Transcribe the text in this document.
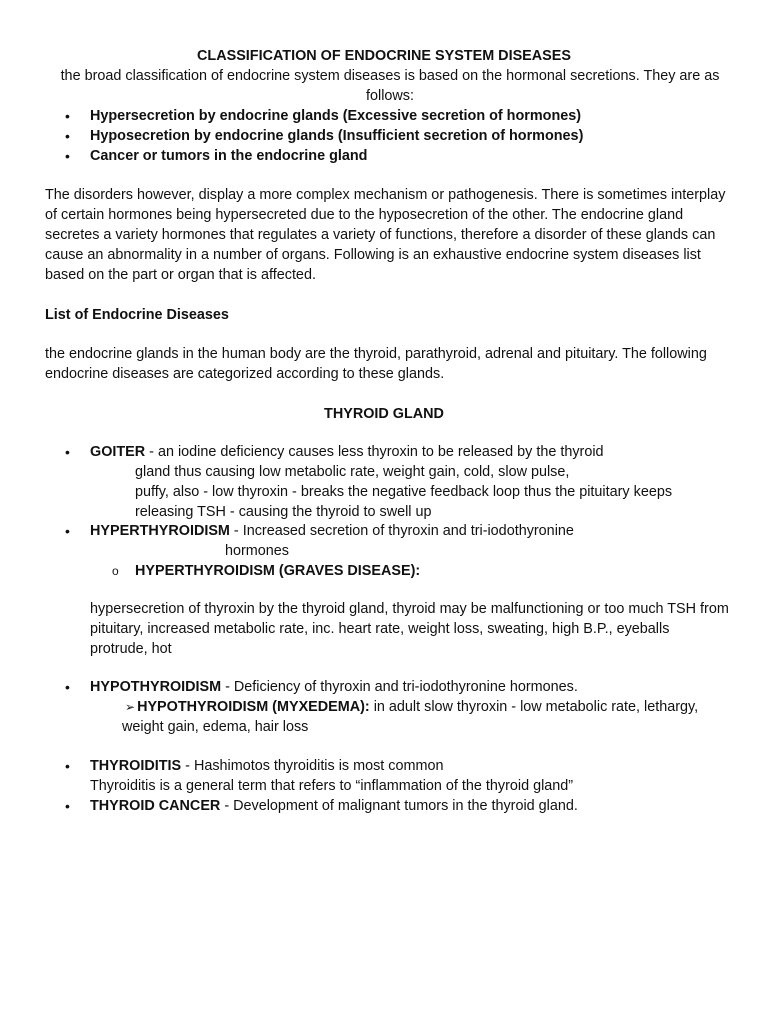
CLASSIFICATION OF ENDOCRINE SYSTEM DISEASES

the broad classification of endocrine system diseases is based on the hormonal secretions. They are as follows:

• Hypersecretion by endocrine glands (Excessive secretion of hormones)
• Hyposecretion by endocrine glands (Insufficient secretion of hormones)
• Cancer or tumors in the endocrine gland

The disorders however, display a more complex mechanism or pathogenesis. There is sometimes interplay of certain hormones being hypersecreted due to the hyposecretion of the other. The endocrine gland secretes a variety hormones that regulates a variety of functions, therefore a disorder of these glands can cause an abnormality in a number of organs. Following is an exhaustive endocrine system diseases list based on the part or organ that is affected.

List of Endocrine Diseases

the endocrine glands in the human body are the thyroid, parathyroid, adrenal and pituitary. The following endocrine diseases are categorized according to these glands.

THYROID GLAND
• GOITER - an iodine deficiency causes less thyroxin to be released by the thyroid
gland thus causing low metabolic rate, weight gain, cold, slow pulse,
puffy, also - low thyroxin - breaks the negative feedback loop thus the pituitary keeps
releasing TSH - causing the thyroid to swell up
• HYPERTHYROIDISM - Increased secretion of thyroxin and tri-iodothyronine
hormones
o HYPERTHYROIDISM (GRAVES DISEASE):

hypersecretion of thyroxin by the thyroid gland, thyroid may be malfunctioning or too much TSH from pituitary, increased metabolic rate, inc. heart rate, weight loss, sweating, high B.P., eyeballs protrude, hot

• HYPOTHYROIDISM - Deficiency of thyroxin and tri-iodothyronine hormones.
➢ HYPOTHYROIDISM (MYXEDEMA): in adult slow thyroxin - low metabolic rate, lethargy,
weight gain, edema, hair loss
• THYROIDITIS - Hashimotos thyroiditis is most common
Thyroiditis is a general term that refers to “inflammation of the thyroid gland”
• THYROID CANCER - Development of malignant tumors in the thyroid gland.
